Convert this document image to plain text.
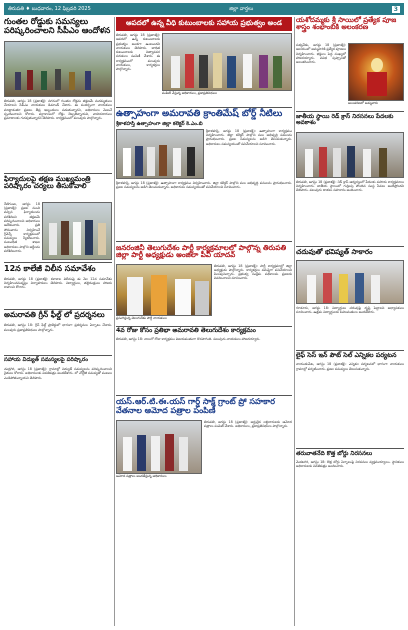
తిరుపతి ♦ బుధవారం, 12 ఫిబ్రవరి 2025	జిల్లా వార్తలు	3
గుంతల రోడ్డుకు సమస్యలు పరిష్కరించాలని సీపీఎం ఆందోళన
తిరుపతి, ఆగస్టు 18 (ప్రజాశక్తి): నగరంలో గుంతల రోడ్లను తక్షణమే మరమ్మతులు చేయాలని సీపీఎం నాయకులు డిమాండ్ చేశారు. ఈ సందర్భంగా నాయకులు మాట్లాడుతూ ప్రజలు తీవ్ర ఇబ్బందులు పడుతున్నారని, అధికారులు వెంటనే స్పందించాలని కోరారు. వర్షాకాలంలో రోడ్లు దెబ్బతిన్నాయని, వాహనదారులు ప్రమాదాలకు గురవుతున్నారని తెలిపారు. కార్యక్రమంలో పలువురు పాల్గొన్నారు.
ఫిర్యాదులపై తక్షణ ముఖ్యమంత్రి పరిష్కారం చర్యలు తీసుకోవాలి
రేణిగుంట, ఆగస్టు 18 (ప్రజాశక్తి): ప్రజల నుంచి వచ్చిన ఫిర్యాదులను పరిశీలించి తక్షణమే పరిష్కరించాలని అధికారులు ఆదేశించారు. ప్రతి సోమవారం నిర్వహించే గ్రీవెన్స్ కార్యక్రమంలో సమస్యలు స్వీకరించారు. సంబంధిత శాఖల అధికారులు పాల్గొని అర్జీలను పరిశీలించారు.
12న కాలేజీ విలీన సమావేశం
తిరుపతి, ఆగస్టు 18 (ప్రజాశక్తి): కళాశాల విలీనంపై ఈ నెల 12న సమావేశం నిర్వహించనున్నట్లు నిర్వాహకులు తెలిపారు. విద్యార్థులు, తల్లిదండ్రులు హాజరు కావాలని కోరారు.
అమరావతి గ్రీన్ ఫీల్డ్ లో ప్రదర్శనలు
తిరుపతి, ఆగస్టు 18: గ్రీన్ ఫీల్డ్ ప్రాజెక్టులో భాగంగా ప్రదర్శనలు ఏర్పాటు చేశారు. పలువురు ప్రజాప్రతినిధులు పాల్గొన్నారు.
సహాయ విద్యుత్ సమస్యలపై పరిష్కారం
చంద్రగిరి, ఆగస్టు 18 (ప్రజాశక్తి): గ్రామాల్లో విద్యుత్ సమస్యలను పరిష్కరించాలని రైతులు కోరారు. అధికారులకు వినతిపత్రం అందజేశారు. లో వోల్టేజీ సమస్యతో పంటలు ఎండిపోతున్నాయని తెలిపారు.
ఆపదలో ఉన్న వీధి కుటుంబాలకు సహాయ ప్రభుత్వం అండ
తిరుపతి, ఆగస్టు 18 (ప్రజాశక్తి): ఆపదలో ఉన్న కుటుంబాలకు ప్రభుత్వం అండగా ఉంటుందని నాయకులు తెలిపారు. బాధిత కుటుంబాలకు నిత్యావసర సరుకులు పంపిణీ చేశారు. ఈ కార్యక్రమంలో పలువురు నాయకులు, కార్యకర్తలు పాల్గొన్నారు.
పంపిణీ చేస్తున్న అధికారులు, ప్రజాప్రతినిధులు
ఉత్సాహంగా అమరావతి క్రాంతిమేష్ బోర్డ్ నీటిలు
శ్రీకాళహస్తి ఉత్సాహంగా జిల్లా కలెక్టర్ కె.ఎం.బి
శ్రీకాళహస్తి, ఆగస్టు 18 (ప్రజాశక్తి): ఉత్సాహంగా కార్యక్రమం నిర్వహించారు. జిల్లా కలెక్టర్ పాల్గొని పలు అభివృద్ధి పనులను ప్రారంభించారు. ప్రజల సమస్యలను అడిగి తెలుసుకున్నారు. అధికారులు సమన్వయంతో పనిచేయాలని సూచించారు.
శ్రీకాళహస్తి, ఆగస్టు 18 (ప్రజాశక్తి): ఉత్సాహంగా కార్యక్రమం నిర్వహించారు. జిల్లా కలెక్టర్ పాల్గొని పలు అభివృద్ధి పనులను ప్రారంభించారు. ప్రజల సమస్యలను అడిగి తెలుసుకున్నారు. అధికారులు సమన్వయంతో పనిచేయాలని సూచించారు.
జనరంజినీ తెలుగుదేశం పార్టీ కార్యక్రమాలలో పాల్గొన్న తిరుపతి జిల్లా పార్టీ అధ్యక్షుడు అంజిలా పీవీ యాదవ్
ప్రసంగిస్తున్న తెలుగుదేశం పార్టీ నాయకులు
తిరుపతి, ఆగస్టు 18 (ప్రజాశక్తి): పార్టీ కార్యక్రమాల్లో జిల్లా అధ్యక్షుడు పాల్గొన్నారు. కార్యకర్తలు సమష్టిగా పనిచేయాలని పిలుపునిచ్చారు. ప్రభుత్వ సంక్షేమ పథకాలను ప్రజలకు వివరించాలని సూచించారు.
4వ రోజు కోసం ప్రతిభా అమరావతి తెలుగుదేశం కార్యక్రమం
తిరుపతి, ఆగస్టు 18: నాలుగో రోజు కార్యక్రమం విజయవంతంగా కొనసాగింది. పలువురు నాయకులు హాజరయ్యారు.
యస్.ఆర్.టి.ఈ.యస్ గార్డ్ సాక్ష్ గ్రాంట్ ప్రో సహకార వేతనాల ఆమోద పత్రాల పంపిణీ
ఆమోద పత్రాలు అందజేస్తున్న అధికారులు
తిరుపతి, ఆగస్టు 18 (ప్రజాశక్తి): అర్హులైన లబ్ధిదారులకు ఆమోద పత్రాలు పంపిణీ చేశారు. అధికారులు, ప్రజాప్రతినిధులు పాల్గొన్నారు.
యశోదమ్మకు శ్రీ సాయిలో ప్రత్యేక పూజ శాస్త్రం శంభాంబికి అలంకరణ
సత్యవేడు, ఆగస్టు 18 (ప్రజాశక్తి): ఆలయంలో అమ్మవారికి ప్రత్యేక పూజలు నిర్వహించారు. భక్తులు పెద్ద సంఖ్యలో హాజరయ్యారు. వివిధ పుష్పాలతో అలంకరించారు.
అలంకరణలో అమ్మవారు
జాతీయ స్థాయి రెడ్ క్రాస్ నిరసనలు పేదలకు అవకాశం
తిరుపతి, ఆగస్టు 18 (ప్రజాశక్తి): రెడ్ క్రాస్ ఆధ్వర్యంలో పేదలకు సహాయ కార్యక్రమాలు నిర్వహించారు. జాతీయ స్థాయిలో గుర్తింపు పొందిన సంస్థ సేవలు అందిస్తోందని తెలిపారు. పలువురు దాతలు సహకారం అందించారు.
చదువుతో భవిష్యత్ సాకారం
గూడూరు, ఆగస్టు 18: విద్యార్థులు చదువుపై దృష్టి పెట్టాలని అధ్యాపకులు సూచించారు. ఉత్తమ విద్యార్థులకు బహుమతులు అందజేశారు.
లైఫ్ సెస్ ఇన్ పౌట్ సెల్ ఎన్నికల పర్యటన
నాయుడుపేట, ఆగస్టు 18 (ప్రజాశక్తి): ఎన్నికల పర్యటనలో భాగంగా నాయకులు గ్రామాల్లో పర్యటించారు. ప్రజల సమస్యలు తెలుసుకున్నారు.
తరువాతనేది కొత్త బోర్డు నిరసనలు
వెంకటగిరి, ఆగస్టు 18: కొత్త బోర్డు ఏర్పాటుపై నిరసనలు వ్యక్తమయ్యాయి. స్థానికులు అధికారులకు వినతిపత్రం అందించారు.
